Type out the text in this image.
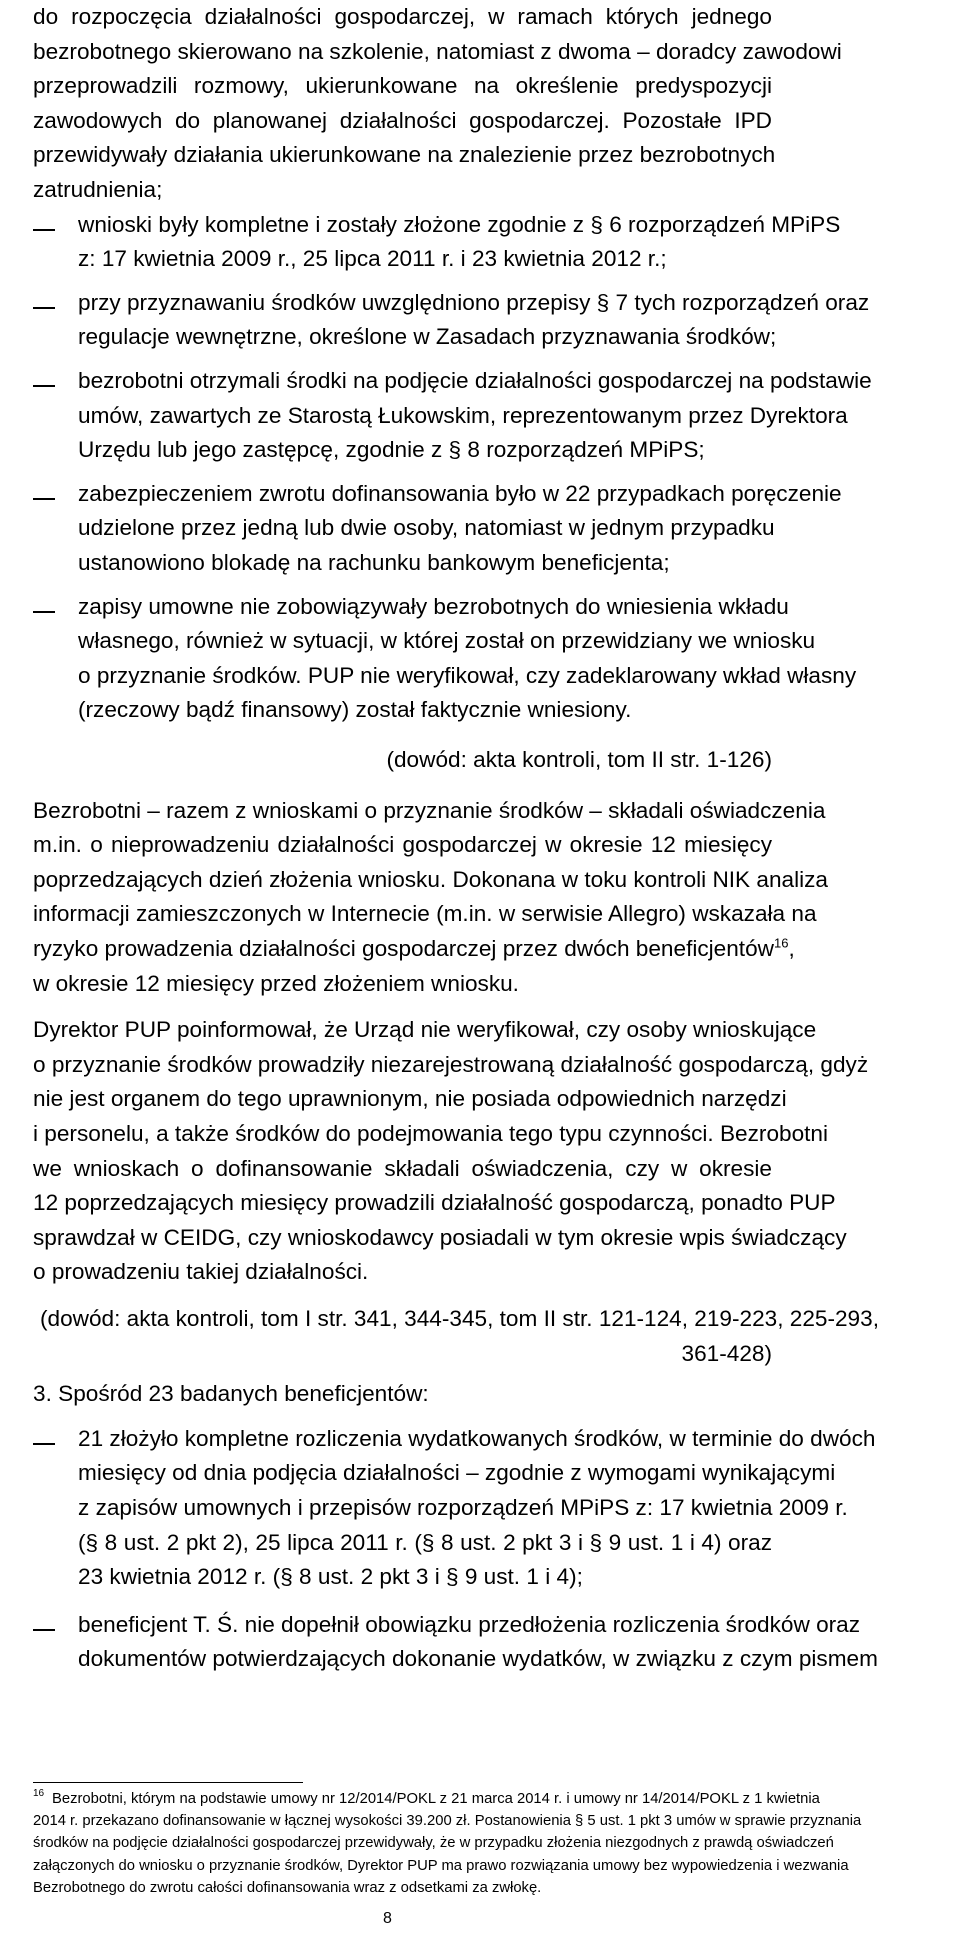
do rozpoczęcia działalności gospodarczej, w ramach których jednego
bezrobotnego skierowano na szkolenie, natomiast z dwoma – doradcy zawodowi
przeprowadzili rozmowy, ukierunkowane na określenie predyspozycji
zawodowych do planowanej działalności gospodarczej. Pozostałe IPD
przewidywały działania ukierunkowane na znalezienie przez bezrobotnych
zatrudnienia;
wnioski były kompletne i zostały złożone zgodnie z § 6 rozporządzeń MPiPS
z: 17 kwietnia 2009 r., 25 lipca 2011 r. i 23 kwietnia 2012 r.;
przy przyznawaniu środków uwzględniono przepisy § 7 tych rozporządzeń oraz
regulacje wewnętrzne, określone w Zasadach przyznawania środków;
bezrobotni otrzymali środki na podjęcie działalności gospodarczej na podstawie
umów, zawartych ze Starostą Łukowskim, reprezentowanym przez Dyrektora
Urzędu lub jego zastępcę, zgodnie z § 8 rozporządzeń MPiPS;
zabezpieczeniem zwrotu dofinansowania było w 22 przypadkach poręczenie
udzielone przez jedną lub dwie osoby, natomiast w jednym przypadku
ustanowiono blokadę na rachunku bankowym beneficjenta;
zapisy umowne nie zobowiązywały bezrobotnych do wniesienia wkładu
własnego, również w sytuacji, w której został on przewidziany we wniosku
o przyznanie środków. PUP nie weryfikował, czy zadeklarowany wkład własny
(rzeczowy bądź finansowy) został faktycznie wniesiony.
(dowód: akta kontroli, tom II str. 1-126)
Bezrobotni – razem z wnioskami o przyznanie środków – składali oświadczenia
m.in. o nieprowadzeniu działalności gospodarczej w okresie 12 miesięcy
poprzedzających dzień złożenia wniosku. Dokonana w toku kontroli NIK analiza
informacji zamieszczonych w Internecie (m.in. w serwisie Allegro) wskazała na
ryzyko prowadzenia działalności gospodarczej przez dwóch beneficjentów$^{16}$,
w okresie 12 miesięcy przed złożeniem wniosku.
Dyrektor PUP poinformował, że Urząd nie weryfikował, czy osoby wnioskujące
o przyznanie środków prowadziły niezarejestrowaną działalność gospodarczą, gdyż
nie jest organem do tego uprawnionym, nie posiada odpowiednich narzędzi
i personelu, a także środków do podejmowania tego typu czynności. Bezrobotni
we wnioskach o dofinansowanie składali oświadczenia, czy w okresie
12 poprzedzających miesięcy prowadzili działalność gospodarczą, ponadto PUP
sprawdzał w CEIDG, czy wnioskodawcy posiadali w tym okresie wpis świadczący
o prowadzeniu takiej działalności.
(dowód: akta kontroli, tom I str. 341, 344-345, tom II str. 121-124, 219-223, 225-293,
361-428)
3. Spośród 23 badanych beneficjentów:
21 złożyło kompletne rozliczenia wydatkowanych środków, w terminie do dwóch
miesięcy od dnia podjęcia działalności – zgodnie z wymogami wynikającymi
z zapisów umownych i przepisów rozporządzeń MPiPS z: 17 kwietnia 2009 r.
(§ 8 ust. 2 pkt 2), 25 lipca 2011 r. (§ 8 ust. 2 pkt 3 i § 9 ust. 1 i 4) oraz
23 kwietnia 2012 r. (§ 8 ust. 2 pkt 3 i § 9 ust. 1 i 4);
beneficjent T. Ś. nie dopełnił obowiązku przedłożenia rozliczenia środków oraz
dokumentów potwierdzających dokonanie wydatków, w związku z czym pismem
16 Bezrobotni, którym na podstawie umowy nr 12/2014/POKL z 21 marca 2014 r. i umowy nr 14/2014/POKL z 1 kwietnia
2014 r. przekazano dofinansowanie w łącznej wysokości 39.200 zł. Postanowienia § 5 ust. 1 pkt 3 umów w sprawie przyznania
środków na podjęcie działalności gospodarczej przewidywały, że w przypadku złożenia niezgodnych z prawdą oświadczeń
załączonych do wniosku o przyznanie środków, Dyrektor PUP ma prawo rozwiązania umowy bez wypowiedzenia i wezwania
Bezrobotnego do zwrotu całości dofinansowania wraz z odsetkami za zwłokę.
8
